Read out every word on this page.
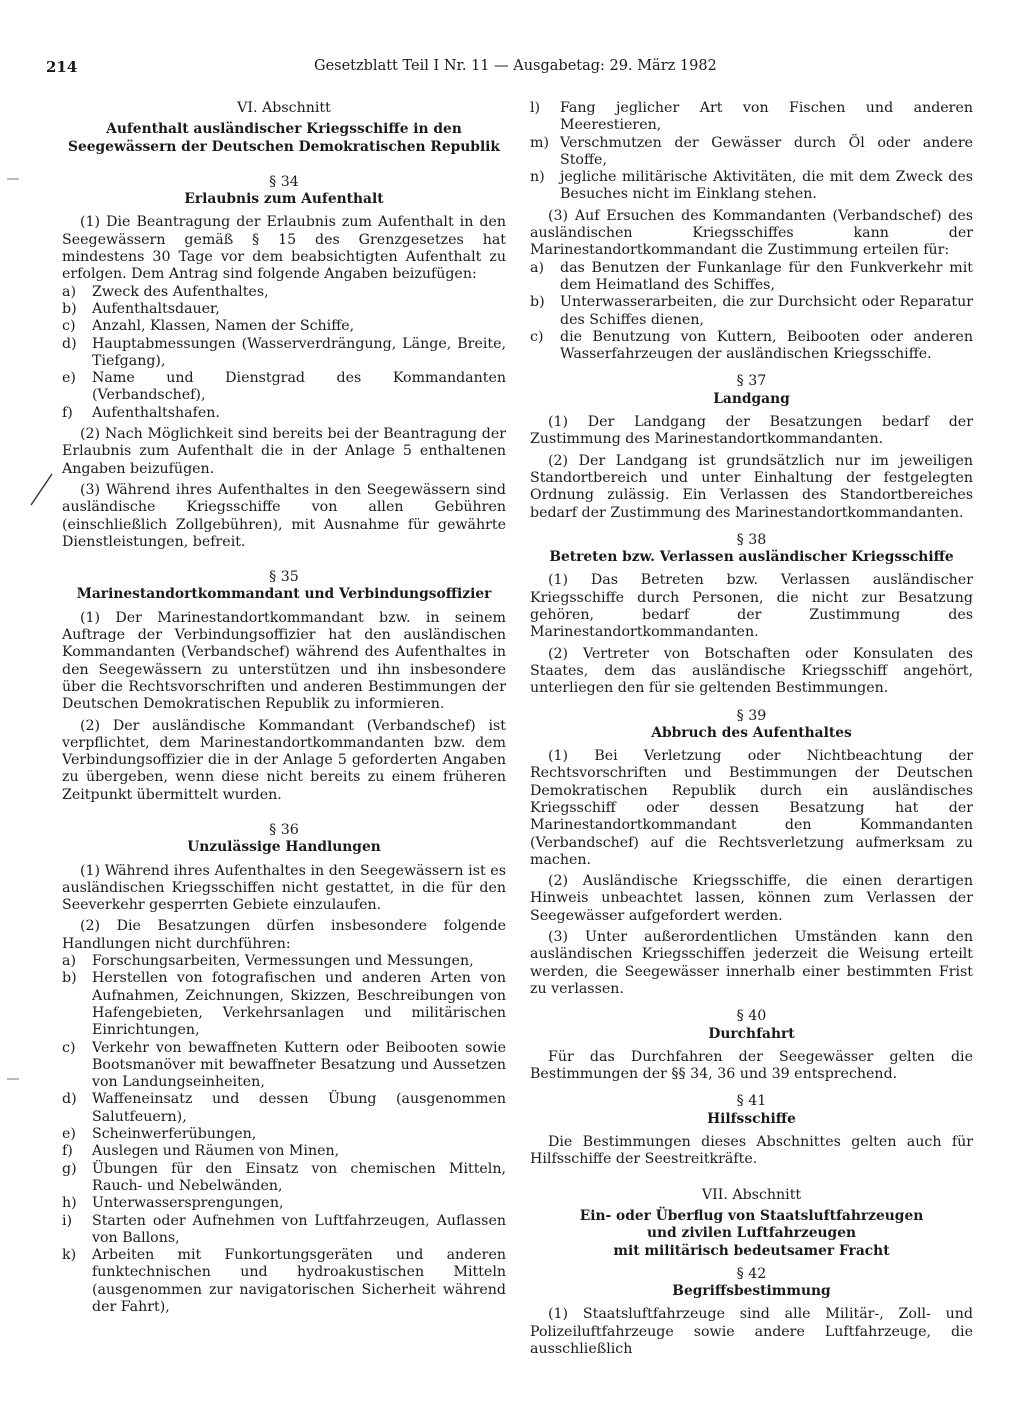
214	Gesetzblatt Teil I Nr. 11 — Ausgabetag: 29. März 1982
VI. Abschnitt
Aufenthalt ausländischer Kriegsschiffe in den
Seegewässern der Deutschen Demokratischen Republik
§ 34
Erlaubnis zum Aufenthalt

(1) Die Beantragung der Erlaubnis zum Aufenthalt in den Seegewässern gemäß § 15 des Grenzgesetzes hat mindestens 30 Tage vor dem beabsichtigten Aufenthalt zu erfolgen. Dem Antrag sind folgende Angaben beizufügen:

a) Zweck des Aufenthaltes,
b) Aufenthaltsdauer,
c) Anzahl, Klassen, Namen der Schiffe,
d) Hauptabmessungen (Wasserverdrängung, Länge, Breite, Tiefgang),
e) Name und Dienstgrad des Kommandanten (Verbandschef),
f) Aufenthaltshafen.

(2) Nach Möglichkeit sind bereits bei der Beantragung der Erlaubnis zum Aufenthalt die in der Anlage 5 enthaltenen Angaben beizufügen.

(3) Während ihres Aufenthaltes in den Seegewässern sind ausländische Kriegsschiffe von allen Gebühren (einschließlich Zollgebühren), mit Ausnahme für gewährte Dienstleistungen, befreit.

§ 35
Marinestandortkommandant und Verbindungsoffizier

(1) Der Marinestandortkommandant bzw. in seinem Auftrage der Verbindungsoffizier hat den ausländischen Kommandanten (Verbandschef) während des Aufenthaltes in den Seegewässern zu unterstützen und ihn insbesondere über die Rechtsvorschriften und anderen Bestimmungen der Deutschen Demokratischen Republik zu informieren.

(2) Der ausländische Kommandant (Verbandschef) ist verpflichtet, dem Marinestandortkommandanten bzw. dem Verbindungsoffizier die in der Anlage 5 geforderten Angaben zu übergeben, wenn diese nicht bereits zu einem früheren Zeitpunkt übermittelt wurden.

§ 36
Unzulässige Handlungen

(1) Während ihres Aufenthaltes in den Seegewässern ist es ausländischen Kriegsschiffen nicht gestattet, in die für den Seeverkehr gesperrten Gebiete einzulaufen.

(2) Die Besatzungen dürfen insbesondere folgende Handlungen nicht durchführen:

a) Forschungsarbeiten, Vermessungen und Messungen,
b) Herstellen von fotografischen und anderen Arten von Aufnahmen, Zeichnungen, Skizzen, Beschreibungen von Hafengebieten, Verkehrsanlagen und militärischen Einrichtungen,
c) Verkehr von bewaffneten Kuttern oder Beibooten sowie Bootsmanöver mit bewaffneter Besatzung und Aussetzen von Landungseinheiten,
d) Waffeneinsatz und dessen Übung (ausgenommen Salutfeuern),
e) Scheinwerferübungen,
f) Auslegen und Räumen von Minen,
g) Übungen für den Einsatz von chemischen Mitteln, Rauch- und Nebelwänden,
h) Unterwassersprengungen,
i) Starten oder Aufnehmen von Luftfahrzeugen, Auflassen von Ballons,
k) Arbeiten mit Funkortungsgeräten und anderen funktechnischen und hydroakustischen Mitteln (ausgenommen zur navigatorischen Sicherheit während der Fahrt),
l) Fang jeglicher Art von Fischen und anderen Meerestieren,
m) Verschmutzen der Gewässer durch Öl oder andere Stoffe,
n) jegliche militärische Aktivitäten, die mit dem Zweck des Besuches nicht im Einklang stehen.

(3) Auf Ersuchen des Kommandanten (Verbandschef) des ausländischen Kriegsschiffes kann der Marinestandortkommandant die Zustimmung erteilen für:

a) das Benutzen der Funkanlage für den Funkverkehr mit dem Heimatland des Schiffes,
b) Unterwasserarbeiten, die zur Durchsicht oder Reparatur des Schiffes dienen,
c) die Benutzung von Kuttern, Beibooten oder anderen Wasserfahrzeugen der ausländischen Kriegsschiffe.
§ 37
Landgang

(1) Der Landgang der Besatzungen bedarf der Zustimmung des Marinestandortkommandanten.

(2) Der Landgang ist grundsätzlich nur im jeweiligen Standortbereich und unter Einhaltung der festgelegten Ordnung zulässig. Ein Verlassen des Standortbereiches bedarf der Zustimmung des Marinestandortkommandanten.

§ 38
Betreten bzw. Verlassen ausländischer Kriegsschiffe

(1) Das Betreten bzw. Verlassen ausländischer Kriegsschiffe durch Personen, die nicht zur Besatzung gehören, bedarf der Zustimmung des Marinestandortkommandanten.

(2) Vertreter von Botschaften oder Konsulaten des Staates, dem das ausländische Kriegsschiff angehört, unterliegen den für sie geltenden Bestimmungen.

§ 39
Abbruch des Aufenthaltes

(1) Bei Verletzung oder Nichtbeachtung der Rechtsvorschriften und Bestimmungen der Deutschen Demokratischen Republik durch ein ausländisches Kriegsschiff oder dessen Besatzung hat der Marinestandortkommandant den Kommandanten (Verbandschef) auf die Rechtsverletzung aufmerksam zu machen.

(2) Ausländische Kriegsschiffe, die einen derartigen Hinweis unbeachtet lassen, können zum Verlassen der Seegewässer aufgefordert werden.

(3) Unter außerordentlichen Umständen kann den ausländischen Kriegsschiffen jederzeit die Weisung erteilt werden, die Seegewässer innerhalb einer bestimmten Frist zu verlassen.

§ 40
Durchfahrt

Für das Durchfahren der Seegewässer gelten die Bestimmungen der §§ 34, 36 und 39 entsprechend.

§ 41
Hilfsschiffe

Die Bestimmungen dieses Abschnittes gelten auch für Hilfsschiffe der Seestreitkräfte.

VII. Abschnitt
Ein- oder Überflug von Staatsluftfahrzeugen
und zivilen Luftfahrzeugen
mit militärisch bedeutsamer Fracht
§ 42
Begriffsbestimmung

(1) Staatsluftfahrzeuge sind alle Militär-, Zoll- und Polizeiluftfahrzeuge sowie andere Luftfahrzeuge, die ausschließlich
